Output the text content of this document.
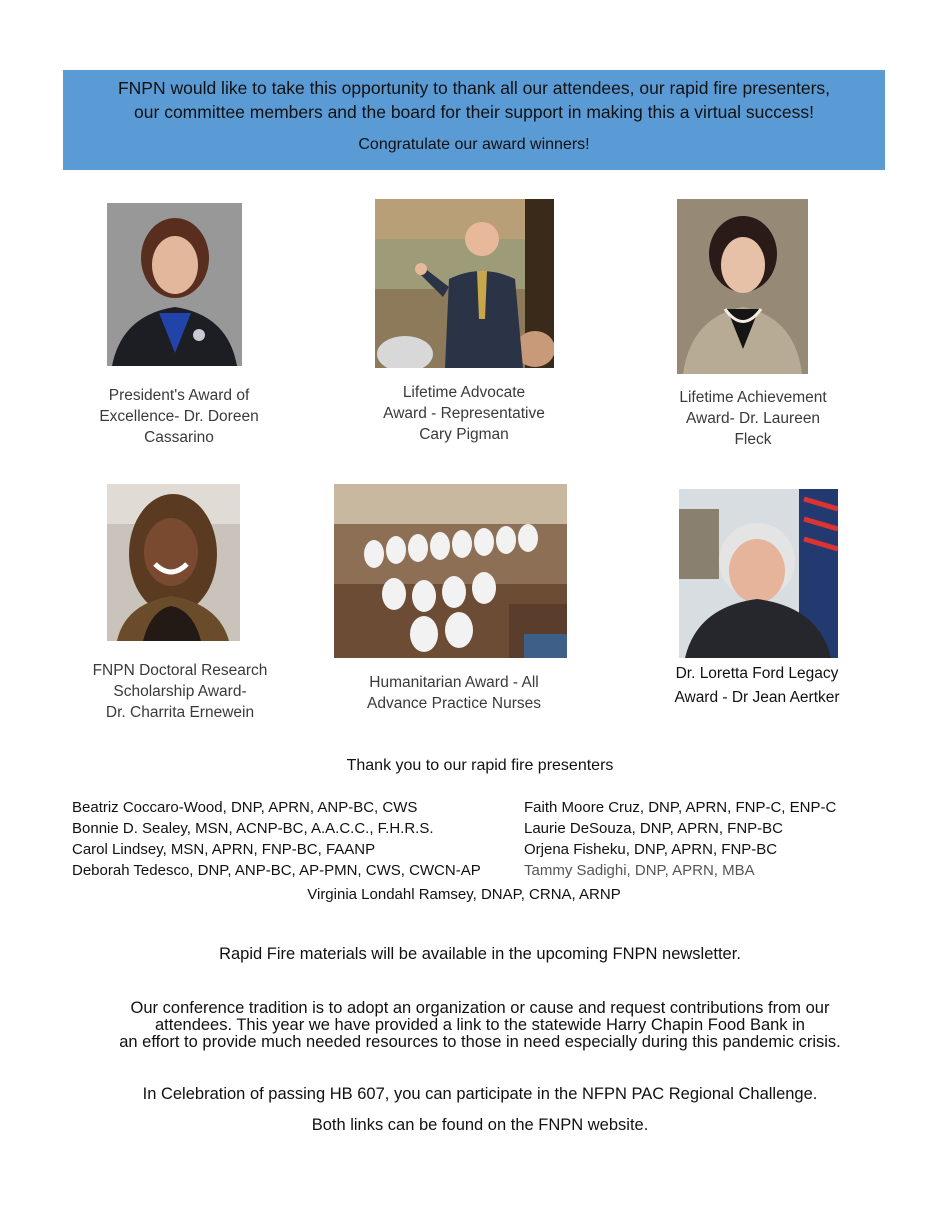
FNPN would like to take this opportunity to thank all our attendees, our rapid fire presenters,
our committee members and the board for their support in making this a virtual success!

Congratulate our award winners!

President's Award of
Excellence- Dr. Doreen
Cassarino
Lifetime Advocate
Award - Representative
Cary Pigman
Lifetime Achievement
Award- Dr. Laureen
Fleck
FNPN Doctoral Research
Scholarship Award-
Dr. Charrita Ernewein
Humanitarian Award - All
Advance Practice Nurses
Dr. Loretta Ford Legacy
Award - Dr Jean Aertker
Thank you to our rapid fire presenters
Beatriz Coccaro-Wood, DNP, APRN, ANP-BC, CWS
Bonnie D. Sealey, MSN, ACNP-BC, A.A.C.C., F.H.R.S.
Carol Lindsey, MSN, APRN, FNP-BC, FAANP
Deborah Tedesco, DNP, ANP-BC, AP-PMN, CWS, CWCN-AP
Faith Moore Cruz, DNP, APRN, FNP-C, ENP-C
Laurie DeSouza, DNP, APRN, FNP-BC
Orjena Fisheku, DNP, APRN, FNP-BC
Tammy Sadighi, DNP, APRN, MBA
Virginia Londahl Ramsey, DNAP, CRNA, ARNP
Rapid Fire materials will be available in the upcoming FNPN newsletter.
Our conference tradition is to adopt an organization or cause and request contributions from our
attendees. This year we have provided a link to the statewide Harry Chapin Food Bank in
an effort to provide much needed resources to those in need especially during this pandemic crisis.
In Celebration of passing HB 607, you can participate in the NFPN PAC Regional Challenge.
Both links can be found on the FNPN website.
